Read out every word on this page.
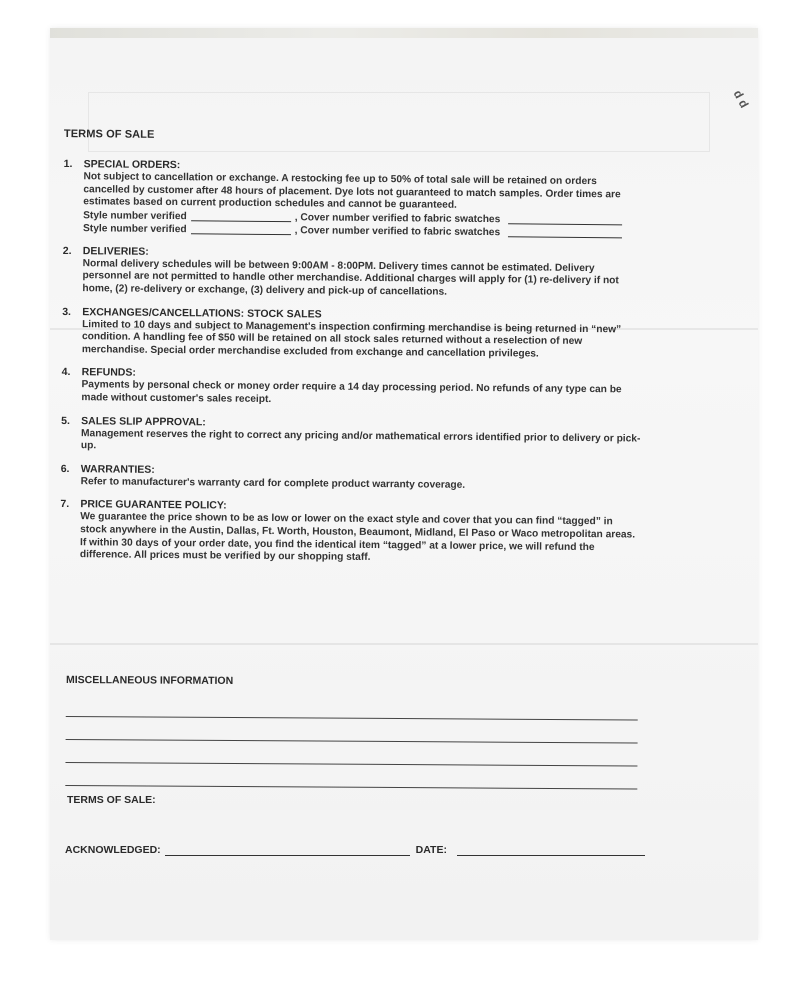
d d
TERMS OF SALE
1. SPECIAL ORDERS:
Not subject to cancellation or exchange. A restocking fee up to 50% of total sale will be retained on orders cancelled by customer after 48 hours of placement. Dye lots not guaranteed to match samples. Order times are estimates based on current production schedules and cannot be guaranteed.
Style number verified	, Cover number verified to fabric swatches
Style number verified	, Cover number verified to fabric swatches
2. DELIVERIES:
Normal delivery schedules will be between 9:00AM - 8:00PM. Delivery times cannot be estimated. Delivery personnel are not permitted to handle other merchandise. Additional charges will apply for (1) re-delivery if not home, (2) re-delivery or exchange, (3) delivery and pick-up of cancellations.
3. EXCHANGES/CANCELLATIONS: STOCK SALES
Limited to 10 days and subject to Management's inspection confirming merchandise is being returned in “new” condition. A handling fee of $50 will be retained on all stock sales returned without a reselection of new merchandise. Special order merchandise excluded from exchange and cancellation privileges.
4. REFUNDS:
Payments by personal check or money order require a 14 day processing period. No refunds of any type can be made without customer's sales receipt.
5. SALES SLIP APPROVAL:
Management reserves the right to correct any pricing and/or mathematical errors identified prior to delivery or pick-up.
6. WARRANTIES:
Refer to manufacturer's warranty card for complete product warranty coverage.
7. PRICE GUARANTEE POLICY:
We guarantee the price shown to be as low or lower on the exact style and cover that you can find “tagged” in stock anywhere in the Austin, Dallas, Ft. Worth, Houston, Beaumont, Midland, El Paso or Waco metropolitan areas. If within 30 days of your order date, you find the identical item “tagged” at a lower price, we will refund the difference. All prices must be verified by our shopping staff.
MISCELLANEOUS INFORMATION
TERMS OF SALE:
ACKNOWLEDGED:	DATE:
